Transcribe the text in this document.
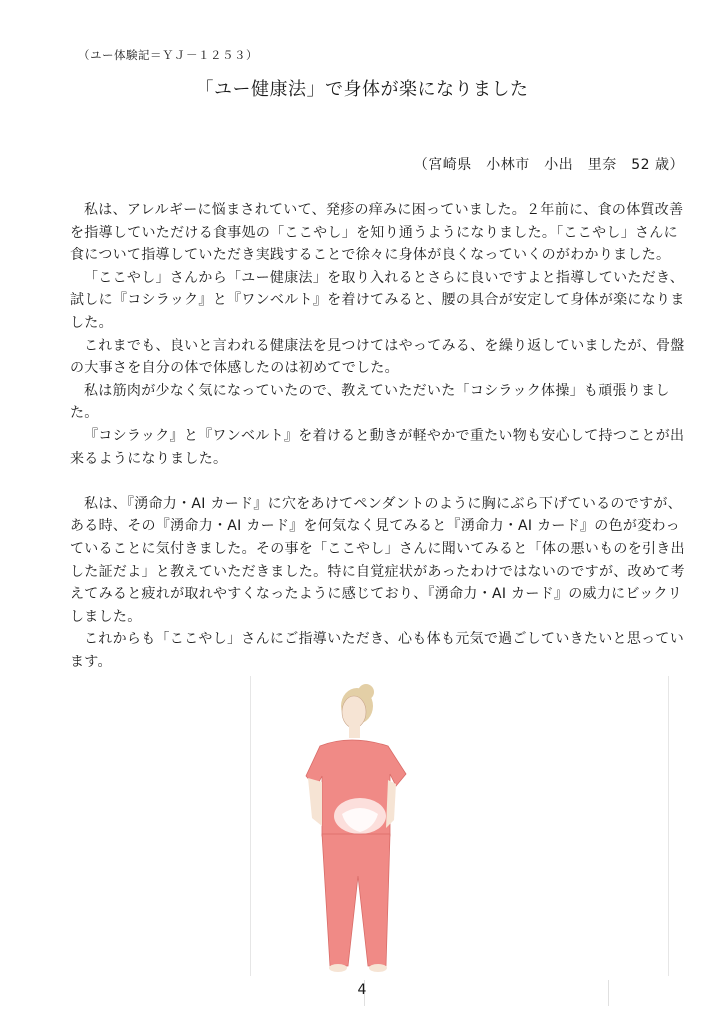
（ユー体験記＝ＹＪ－１２５３）
「ユー健康法」で身体が楽になりました
（宮崎県　小林市　小出　里奈　52 歳）

私は、アレルギーに悩まされていて、発疹の痒みに困っていました。２年前に、食の体質改善を指導していただける食事処の「ここやし」を知り通うようになりました。「ここやし」さんに食について指導していただき実践することで徐々に身体が良くなっていくのがわかりました。

「ここやし」さんから「ユー健康法」を取り入れるとさらに良いですよと指導していただき、試しに『コシラック』と『ワンベルト』を着けてみると、腰の具合が安定して身体が楽になりました。

これまでも、良いと言われる健康法を見つけてはやってみる、を繰り返していましたが、骨盤の大事さを自分の体で体感したのは初めてでした。

私は筋肉が少なく気になっていたので、教えていただいた「コシラック体操」も頑張りました。

『コシラック』と『ワンベルト』を着けると動きが軽やかで重たい物も安心して持つことが出来るようになりました。

私は、『湧命力・AI カード』に穴をあけてペンダントのように胸にぶら下げているのですが、ある時、その『湧命力・AI カード』を何気なく見てみると『湧命力・AI カード』の色が変わっていることに気付きました。その事を「ここやし」さんに聞いてみると「体の悪いものを引き出した証だよ」と教えていただきました。特に自覚症状があったわけではないのですが、改めて考えてみると疲れが取れやすくなったように感じており、『湧命力・AI カード』の威力にビックリしました。

これからも「ここやし」さんにご指導いただき、心も体も元気で過ごしていきたいと思っています。

4
